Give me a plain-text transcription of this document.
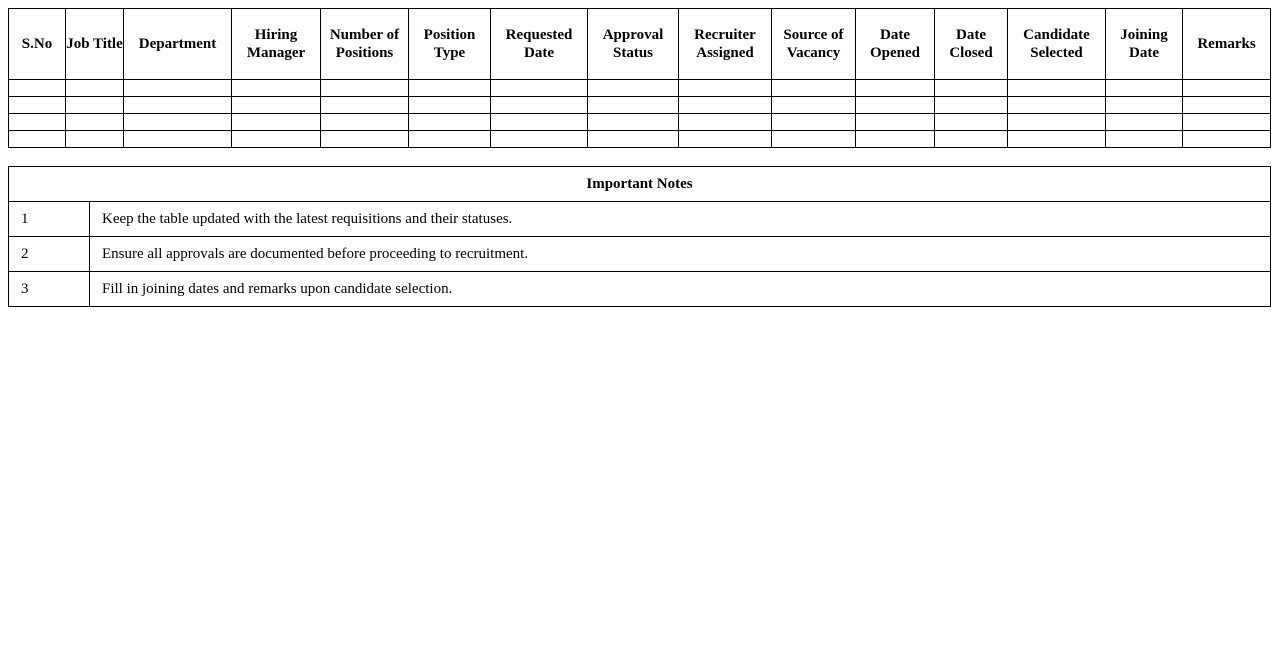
S.No	Job Title	Department	Hiring Manager	Number of Positions	Position Type	Requested Date	Approval Status	Recruiter Assigned	Source of Vacancy	Date Opened	Date Closed	Candidate Selected	Joining Date	Remarks

Important Notes	
1	Keep the table updated with the latest requisitions and their statuses.
2	Ensure all approvals are documented before proceeding to recruitment.
3	Fill in joining dates and remarks upon candidate selection.
